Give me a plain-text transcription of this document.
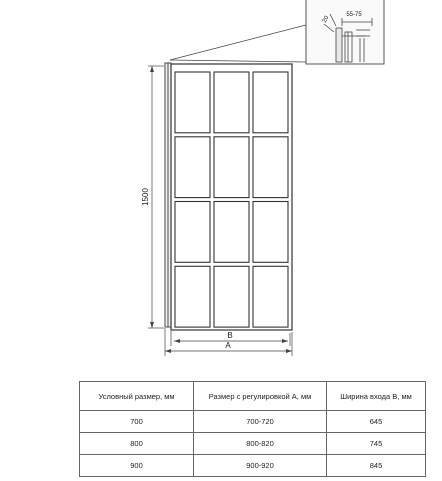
1500
B
A
55-75
20
Условный размер, мм	Размер с регулировкой A, мм	Ширина входа B, мм
700	700-720	645
800	800-820	745
900	900-920	845
